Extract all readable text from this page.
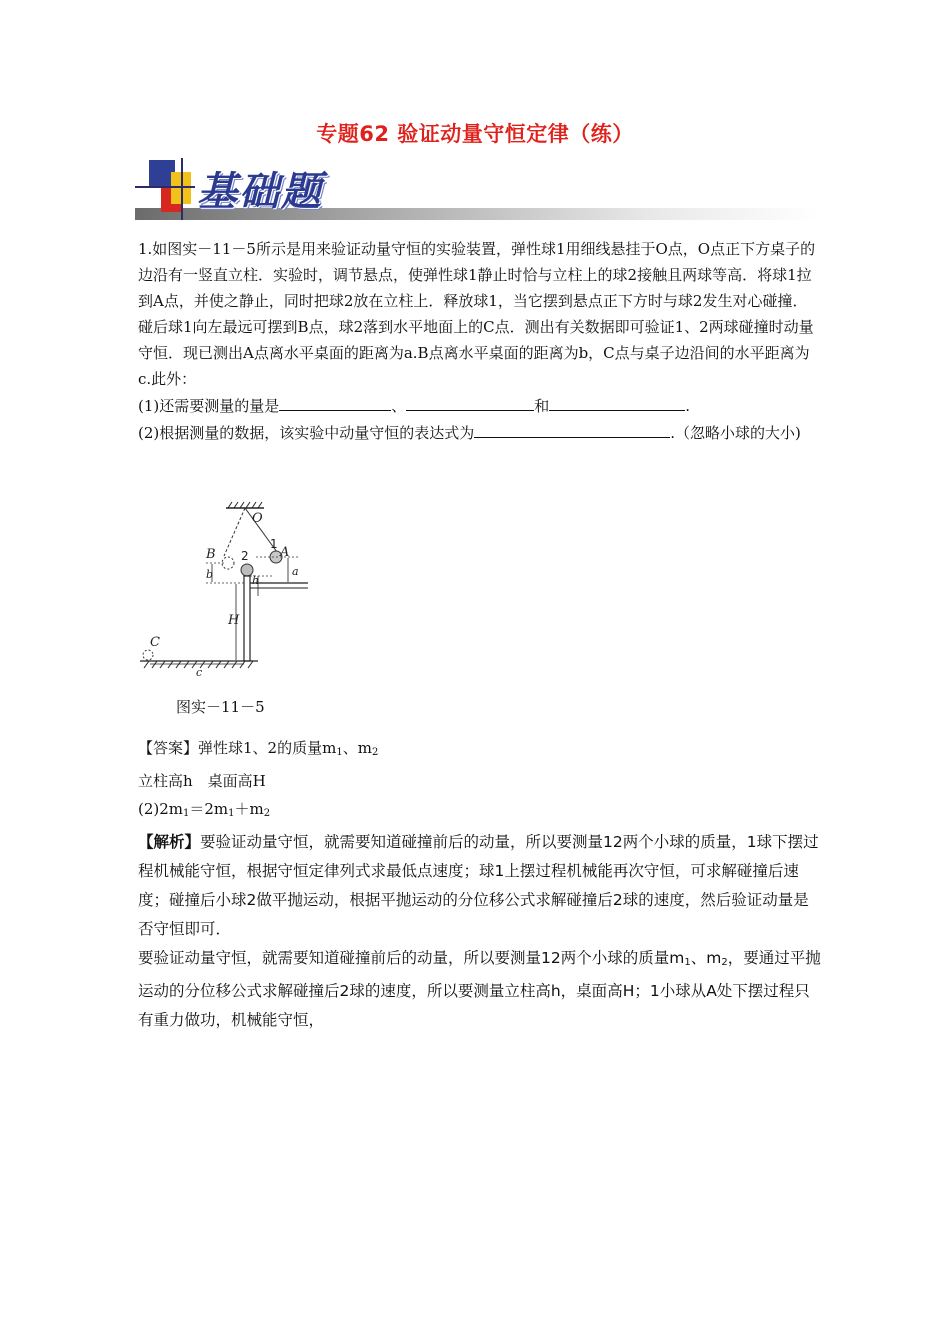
专题62 验证动量守恒定律（练）
基础题

1.如图实－11－5所示是用来验证动量守恒的实验装置，弹性球1用细线悬挂于O点，O点正下方桌子的边沿有一竖直立柱．实验时，调节悬点，使弹性球1静止时恰与立柱上的球2接触且两球等高．将球1拉到A点，并使之静止，同时把球2放在立柱上．释放球1，当它摆到悬点正下方时与球2发生对心碰撞．碰后球1向左最远可摆到B点，球2落到水平地面上的C点．测出有关数据即可验证1、2两球碰撞时动量守恒．现已测出A点离水平桌面的距离为a.B点离水平桌面的距离为b，C点与桌子边沿间的水平距离为c.此外：

(1)还需要测量的量是	、	和	.

(2)根据测量的数据，该实验中动量守恒的表达式为	.（忽略小球的大小)

O
A
B
C
a
b	h
H
c
1
2
图实－11－5

【答案】弹性球1、2的质量$m_1$、$m_2$

立柱高h　桌面高H

$(2)2m_1=2m_1+m_2$

【解析】要验证动量守恒，就需要知道碰撞前后的动量，所以要测量12两个小球的质量，1球下摆过程机械能守恒，根据守恒定律列式求最低点速度；球1上摆过程机械能再次守恒，可求解碰撞后速度；碰撞后小球2做平抛运动，根据平抛运动的分位移公式求解碰撞后2球的速度，然后验证动量是否守恒即可．

要验证动量守恒，就需要知道碰撞前后的动量，所以要测量12两个小球的质量$m_1$、$m_2$，要通过平抛运动的分位移公式求解碰撞后2球的速度，所以要测量立柱高h，桌面高H；1小球从A处下摆过程只有重力做功，机械能守恒，
